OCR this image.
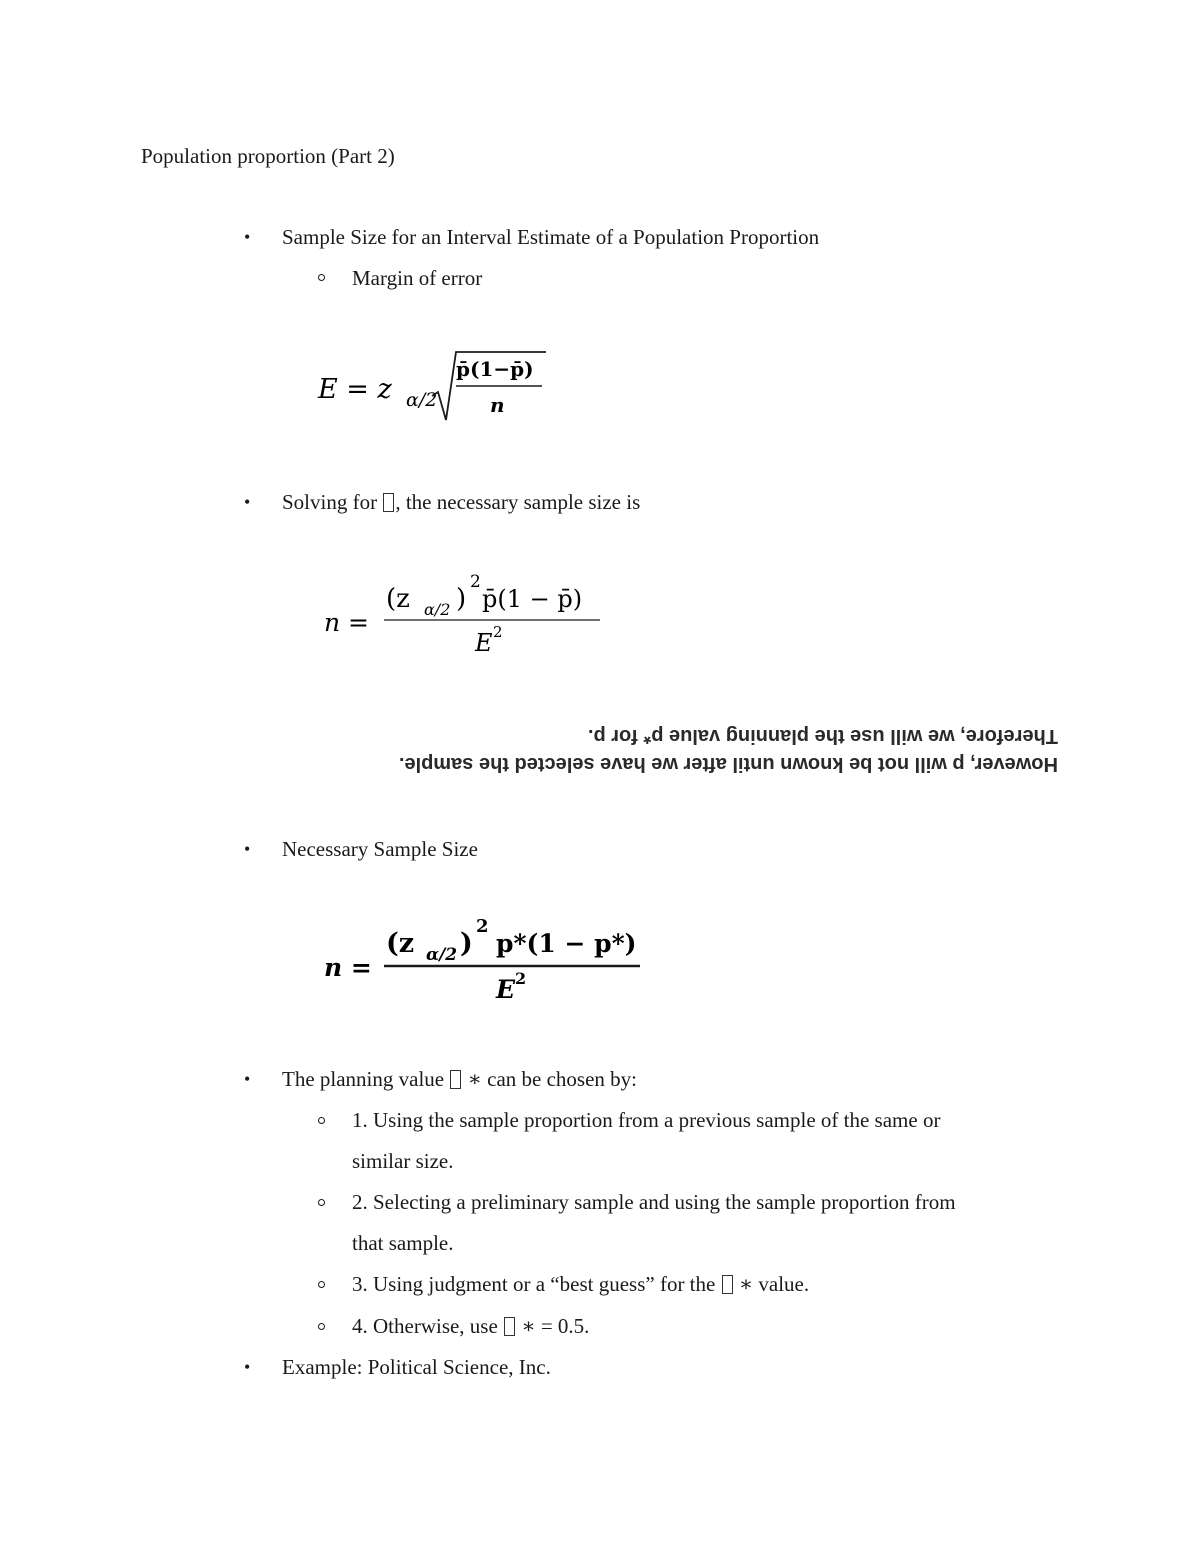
Population proportion (Part 2)
• Sample Size for an Interval Estimate of a Population Proportion
Margin of error
E = z α/2
p̄(1−p̄)
n
• Solving for , the necessary sample size is
n =
(z α/2 )
2
p̄(1 − p̄)
E 2
However, p will not be known until after we have selected the sample.
Therefore, we will use the planning value p* for p.
• Necessary Sample Size
n =
(z α/2 )
2
p*(1 − p*)
E 2
• The planning value  ∗ can be chosen by:
1. Using the sample proportion from a previous sample of the same or
similar size.
2. Selecting a preliminary sample and using the sample proportion from
that sample.
3. Using judgment or a “best guess” for the  ∗ value.
4. Otherwise, use  ∗ = 0.5.
• Example: Political Science, Inc.
